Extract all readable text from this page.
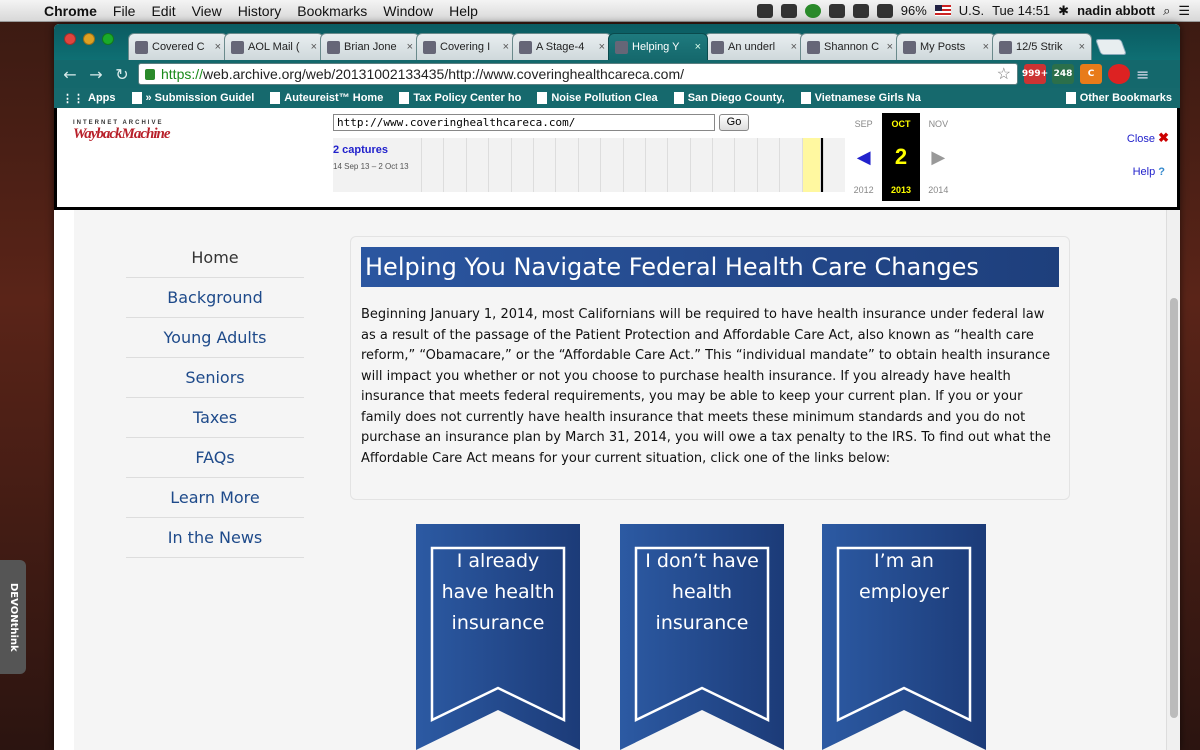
Chrome	File	Edit	View	History	Bookmarks	Window	Help	96% U.S. Tue 14:51 ✱ nadin abbott ⌕ ☰
DEVONthink
Covered C × AOL Mail (	× Brian Jone × Covering I	× A Stage-4	× Helping Y	× An underl	× Shannon C × My Posts	× 12/5 Strik	×
← → ↻ https:// web.archive.org/web/20131002133435/http://www.coveringhealthcareca.com/	☆ 999+ 248	C	≡
⋮⋮ Apps	» Submission Guidel	Auteureist™ Home	Tax Policy Center ho	Noise Pollution Clea	San Diego County,	Vietnamese Girls Na	Other Bookmarks
INTERNET ARCHIVE
WaybackMachine
http://www.coveringhealthcareca.com/	Go
2 captures
14 Sep 13 – 2 Oct 13
SEP	OCT	NOV
◀	2	▶
2012	2013	2014
Close ✖
Help ?
Home
Background
Young Adults
Seniors
Taxes
FAQs
Learn More
In the News
Helping You Navigate Federal Health Care Changes

Beginning January 1, 2014, most Californians will be required to have health insurance under federal law as a result of the passage of the Patient Protection and Affordable Care Act, also known as “health care reform,” “Obamacare,” or the “Affordable Care Act.” This “individual mandate” to obtain health insurance will impact you whether or not you choose to purchase health insurance. If you already have health insurance that meets federal requirements, you may be able to keep your current plan. If you or your family does not currently have health insurance that meets these minimum standards and you do not purchase an insurance plan by March 31, 2014, you will owe a tax penalty to the IRS. To find out what the Affordable Care Act means for your current situation, click one of the links below:

I already have health insurance
I don’t have health insurance
I’m an employer
